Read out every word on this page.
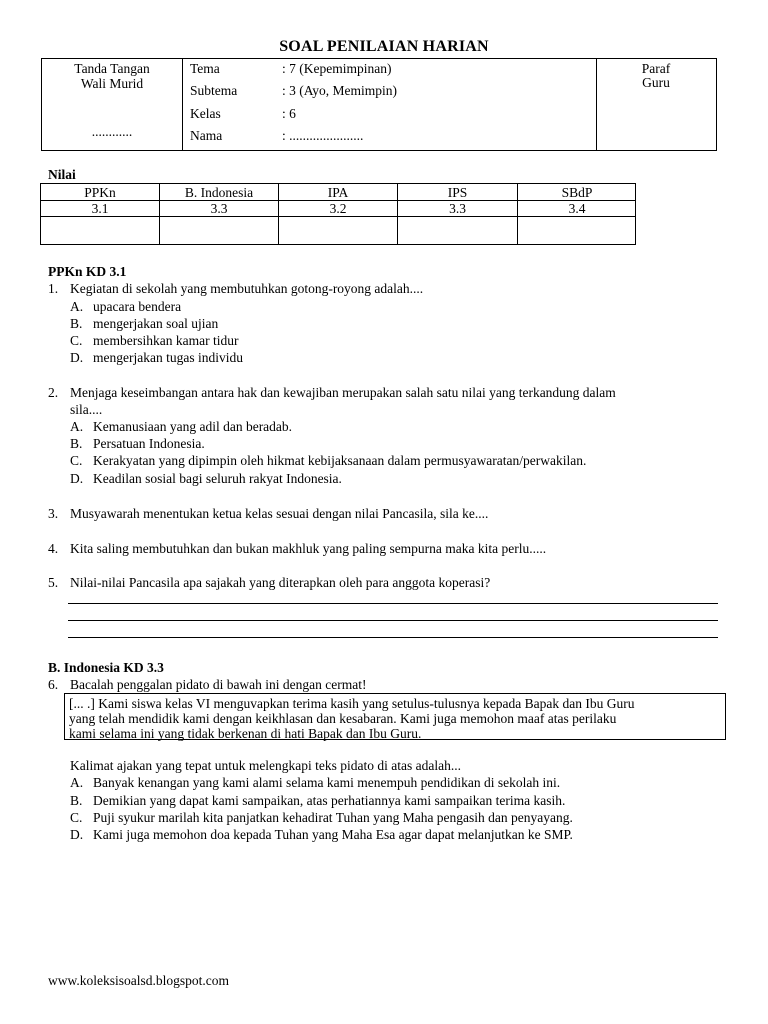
SOAL PENILAIAN HARIAN
Tanda Tangan
Wali Murid
............
Tema	: 7 (Kepemimpinan)
Subtema	: 3 (Ayo, Memimpin)
Kelas	: 6
Nama	: ......................
Paraf
Guru
Nilai
PPKn	B. Indonesia	IPA	IPS	SBdP
3.1	3.3	3.2	3.3	3.4
PPKn KD 3.1
1. Kegiatan di sekolah yang membutuhkan gotong-royong adalah....
A. upacara bendera
B. mengerjakan soal ujian
C. membersihkan kamar tidur
D. mengerjakan tugas individu
2. Menjaga keseimbangan antara hak dan kewajiban merupakan salah satu nilai yang terkandung dalam
sila....
A. Kemanusiaan yang adil dan beradab.
B. Persatuan Indonesia.
C. Kerakyatan yang dipimpin oleh hikmat kebijaksanaan dalam permusyawaratan/perwakilan.
D. Keadilan sosial bagi seluruh rakyat Indonesia.
3. Musyawarah menentukan ketua kelas sesuai dengan nilai Pancasila, sila ke....
4. Kita saling membutuhkan dan bukan makhluk yang paling sempurna maka kita perlu.....
5. Nilai-nilai Pancasila apa sajakah yang diterapkan oleh para anggota koperasi?
B. Indonesia KD 3.3
6. Bacalah penggalan pidato di bawah ini dengan cermat!
[... .] Kami siswa kelas VI menguvapkan terima kasih yang setulus-tulusnya kepada Bapak dan Ibu Guru
yang telah mendidik kami dengan keikhlasan dan kesabaran. Kami juga memohon maaf atas perilaku
kami selama ini yang tidak berkenan di hati Bapak dan Ibu Guru.
Kalimat ajakan yang tepat untuk melengkapi teks pidato di atas adalah...
A. Banyak kenangan yang kami alami selama kami menempuh pendidikan di sekolah ini.
B. Demikian yang dapat kami sampaikan, atas perhatiannya kami sampaikan terima kasih.
C. Puji syukur marilah kita panjatkan kehadirat Tuhan yang Maha pengasih dan penyayang.
D. Kami juga memohon doa kepada Tuhan yang Maha Esa agar dapat melanjutkan ke SMP.
www.koleksisoalsd.blogspot.com
